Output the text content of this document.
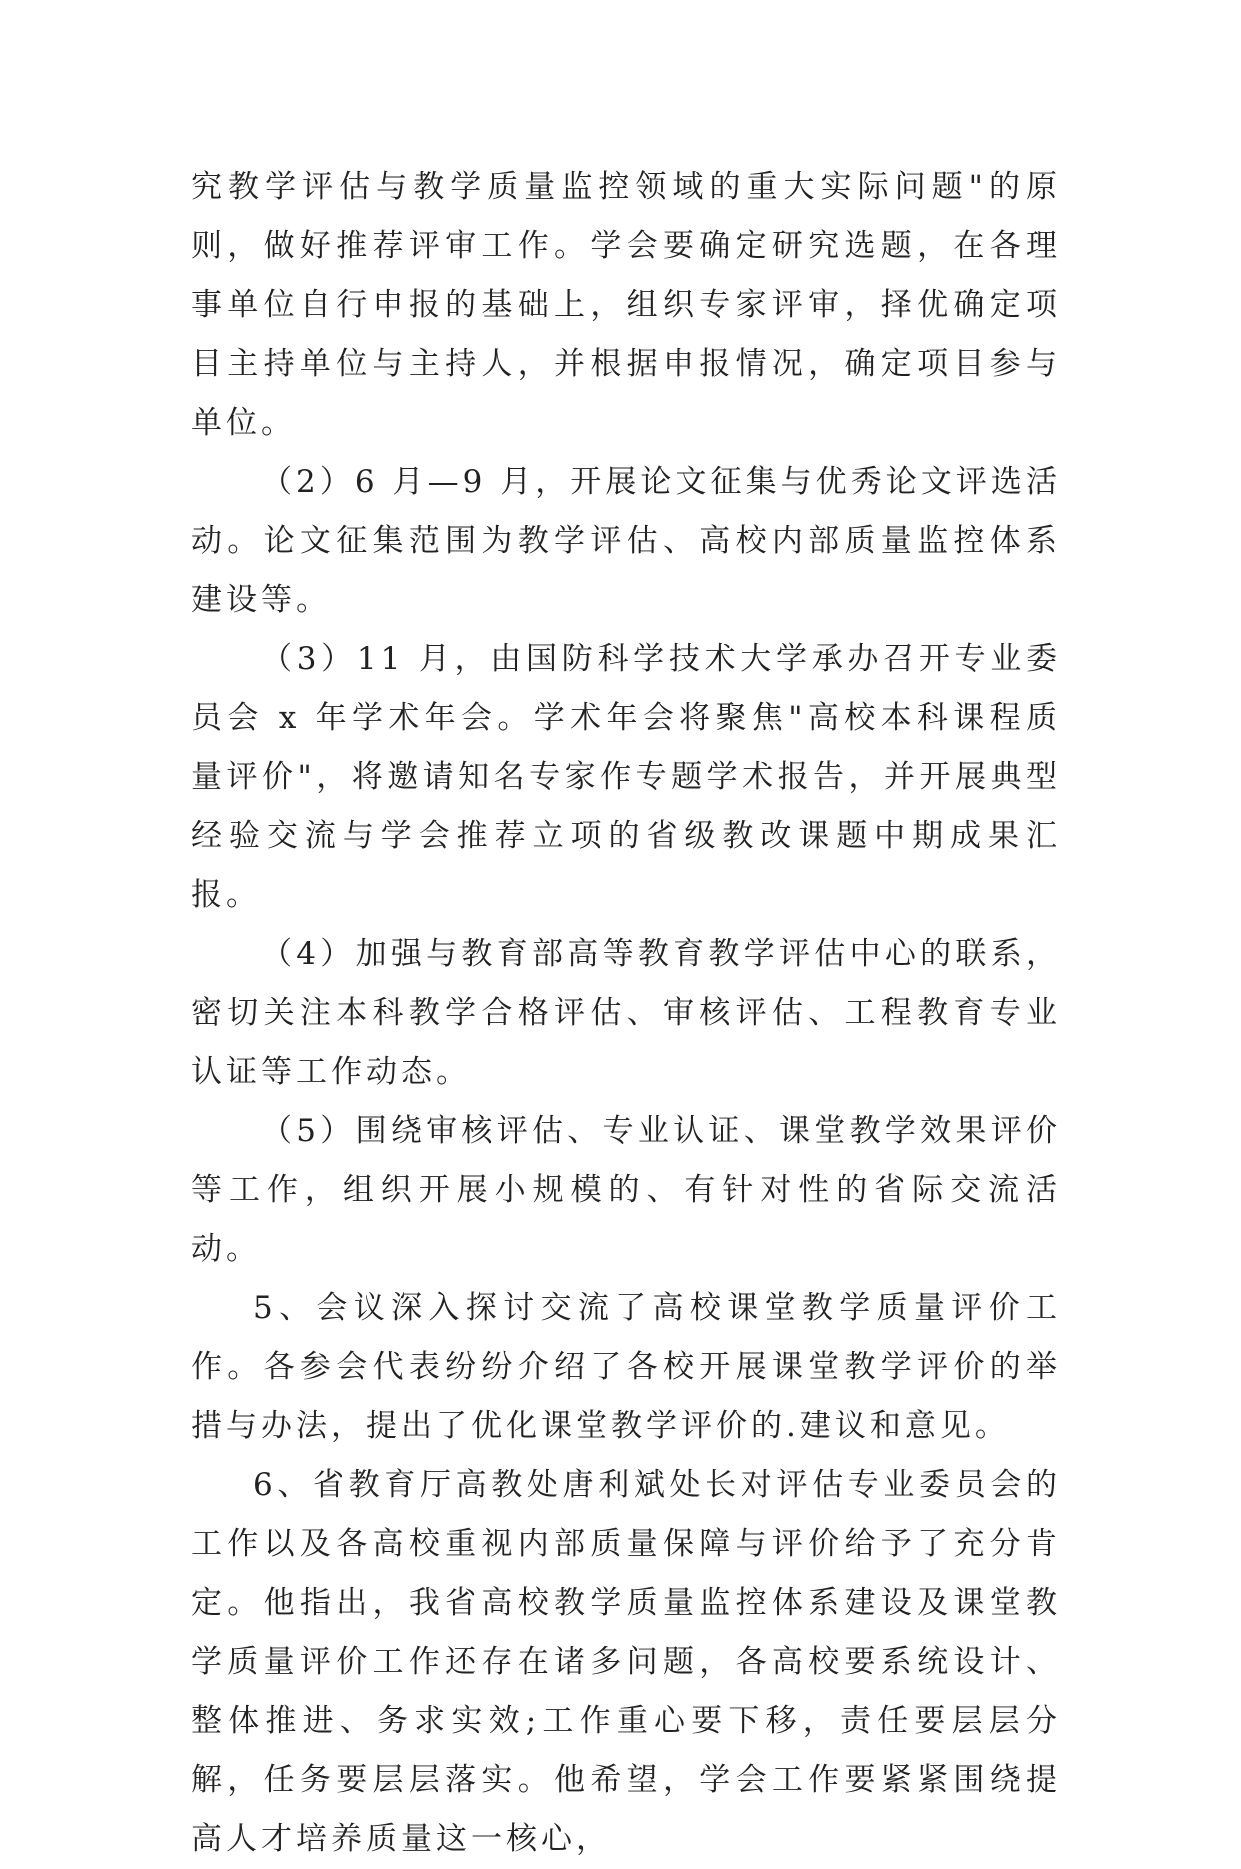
究教学评估与教学质量监控领域的重大实际问题"的原则，做好推荐评审工作。学会要确定研究选题，在各理事单位自行申报的基础上，组织专家评审，择优确定项目主持单位与主持人，并根据申报情况，确定项目参与单位。

（2）6 月—9 月，开展论文征集与优秀论文评选活动。论文征集范围为教学评估、高校内部质量监控体系建设等。

（3）11 月，由国防科学技术大学承办召开专业委员会 x 年学术年会。学术年会将聚焦"高校本科课程质量评价"，将邀请知名专家作专题学术报告，并开展典型经验交流与学会推荐立项的省级教改课题中期成果汇报。

（4）加强与教育部高等教育教学评估中心的联系，密切关注本科教学合格评估、审核评估、工程教育专业认证等工作动态。

（5）围绕审核评估、专业认证、课堂教学效果评价等工作，组织开展小规模的、有针对性的省际交流活动。

5、会议深入探讨交流了高校课堂教学质量评价工作。各参会代表纷纷介绍了各校开展课堂教学评价的举措与办法，提出了优化课堂教学评价的.建议和意见。

6、省教育厅高教处唐利斌处长对评估专业委员会的工作以及各高校重视内部质量保障与评价给予了充分肯定。他指出，我省高校教学质量监控体系建设及课堂教学质量评价工作还存在诸多问题，各高校要系统设计、整体推进、务求实效;工作重心要下移，责任要层层分解，任务要层层落实。他希望，学会工作要紧紧围绕提高人才培养质量这一核心，
